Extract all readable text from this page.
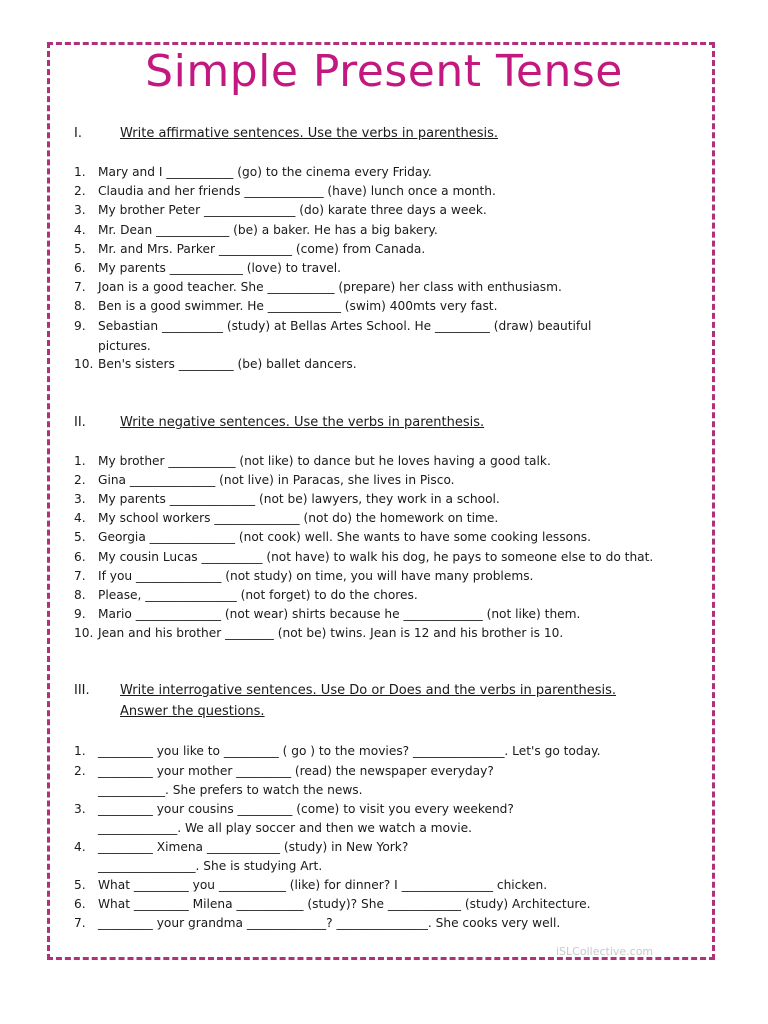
Simple Present Tense
I.	Write affirmative sentences. Use the verbs in parenthesis.
1. Mary and I ___________ (go) to the cinema every Friday.
2. Claudia and her friends _____________ (have) lunch once a month.
3. My brother Peter _______________ (do) karate three days a week.
4. Mr. Dean ____________ (be) a baker. He has a big bakery.
5. Mr. and Mrs. Parker ____________ (come) from Canada.
6. My parents ____________ (love) to travel.
7. Joan is a good teacher. She ___________ (prepare) her class with enthusiasm.
8. Ben is a good swimmer. He ____________ (swim) 400mts very fast.
9. Sebastian __________ (study) at Bellas Artes School. He _________ (draw) beautiful
10. Ben's sisters _________ (be) ballet dancers.
pictures.
II.	Write negative sentences. Use the verbs in parenthesis.
1. My brother ___________ (not like) to dance but he loves having a good talk.
2. Gina ______________ (not live) in Paracas, she lives in Pisco.
3. My parents ______________ (not be) lawyers, they work in a school.
4. My school workers ______________ (not do) the homework on time.
5. Georgia ______________ (not cook) well. She wants to have some cooking lessons.
6. My cousin Lucas __________ (not have) to walk his dog, he pays to someone else to do that.
7. If you ______________ (not study) on time, you will have many problems.
8. Please, _______________ (not forget) to do the chores.
9. Mario ______________ (not wear) shirts because he _____________ (not like) them.
10. Jean and his brother ________ (not be) twins. Jean is 12 and his brother is 10.
III. Write interrogative sentences. Use Do or Does and the verbs in parenthesis.
Answer the questions.
1. _________ you like to _________ ( go ) to the movies? _______________. Let's go today.
2. _________ your mother _________ (read) the newspaper everyday?
___________. She prefers to watch the news.
3. _________ your cousins _________ (come) to visit you every weekend?
_____________. We all play soccer and then we watch a movie.
4. _________ Ximena ____________ (study) in New York?
________________. She is studying Art.
5. What _________ you ___________ (like) for dinner? I _______________ chicken.
6. What _________ Milena ___________ (study)? She ____________ (study) Architecture.
7. _________ your grandma _____________? _______________. She cooks very well.
iSLCollective.com
